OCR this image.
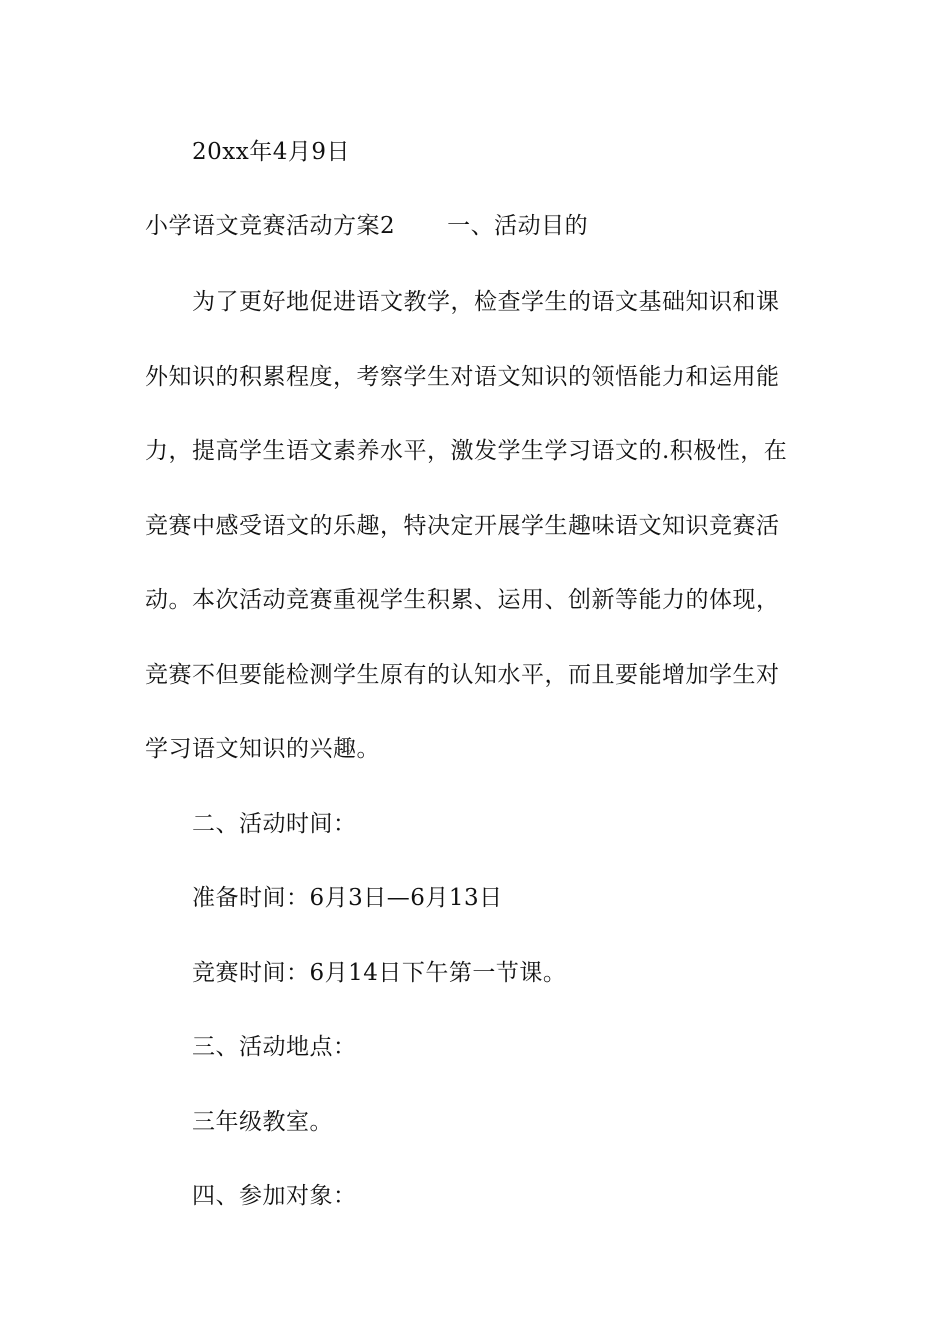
20xx年4月9日
小学语文竞赛活动方案2 一、活动目的
为了更好地促进语文教学，检查学生的语文基础知识和课
外知识的积累程度，考察学生对语文知识的领悟能力和运用能
力，提高学生语文素养水平，激发学生学习语文的.积极性，在
竞赛中感受语文的乐趣，特决定开展学生趣味语文知识竞赛活
动。本次活动竞赛重视学生积累、运用、创新等能力的体现，
竞赛不但要能检测学生原有的认知水平，而且要能增加学生对
学习语文知识的兴趣。
二、活动时间：
准备时间：6月3日—6月13日
竞赛时间：6月14日下午第一节课。
三、活动地点：
三年级教室。
四、参加对象：
